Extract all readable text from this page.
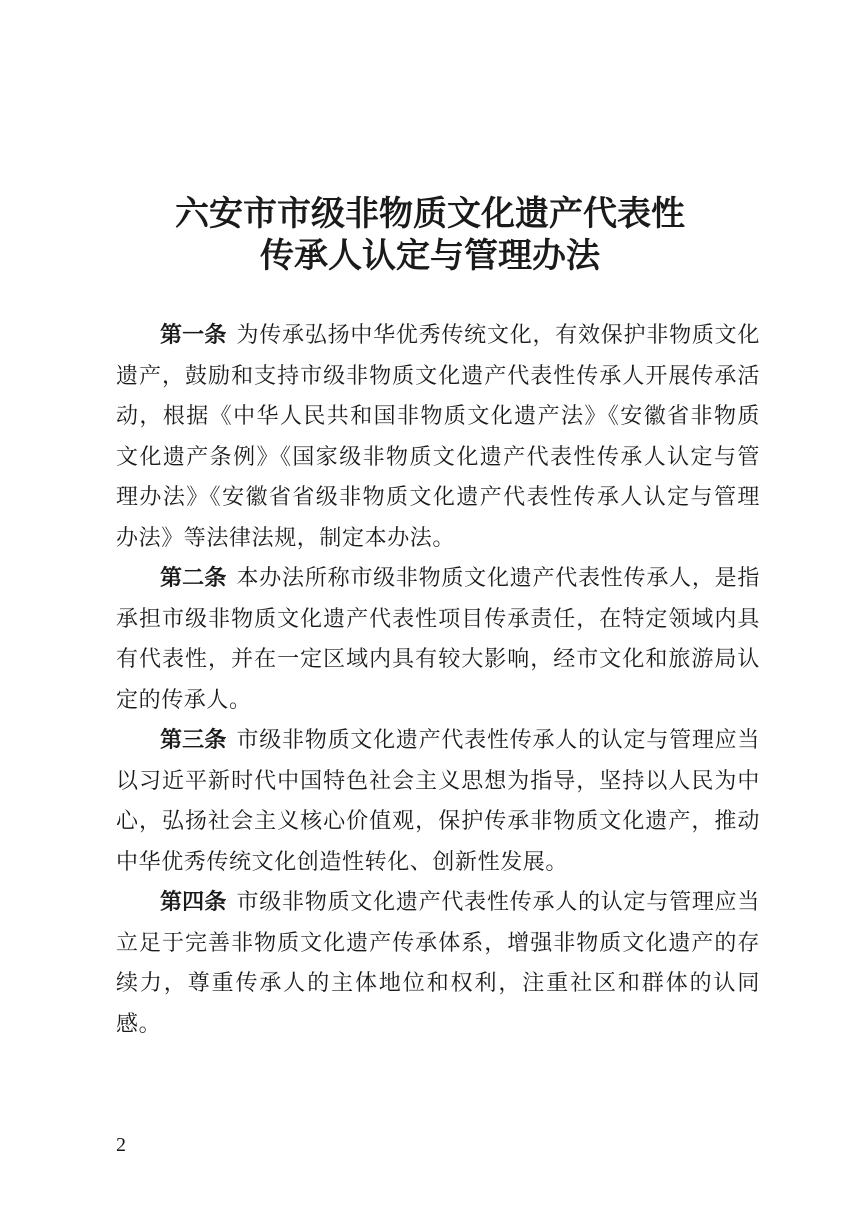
六安市市级非物质文化遗产代表性
传承人认定与管理办法

第一条 为传承弘扬中华优秀传统文化，有效保护非物质文化遗产，鼓励和支持市级非物质文化遗产代表性传承人开展传承活动，根据《中华人民共和国非物质文化遗产法》《安徽省非物质文化遗产条例》《国家级非物质文化遗产代表性传承人认定与管理办法》《安徽省省级非物质文化遗产代表性传承人认定与管理办法》等法律法规，制定本办法。

第二条 本办法所称市级非物质文化遗产代表性传承人，是指承担市级非物质文化遗产代表性项目传承责任，在特定领域内具有代表性，并在一定区域内具有较大影响，经市文化和旅游局认定的传承人。

第三条 市级非物质文化遗产代表性传承人的认定与管理应当以习近平新时代中国特色社会主义思想为指导，坚持以人民为中心，弘扬社会主义核心价值观，保护传承非物质文化遗产，推动中华优秀传统文化创造性转化、创新性发展。

第四条 市级非物质文化遗产代表性传承人的认定与管理应当立足于完善非物质文化遗产传承体系，增强非物质文化遗产的存续力，尊重传承人的主体地位和权利，注重社区和群体的认同感。

2
